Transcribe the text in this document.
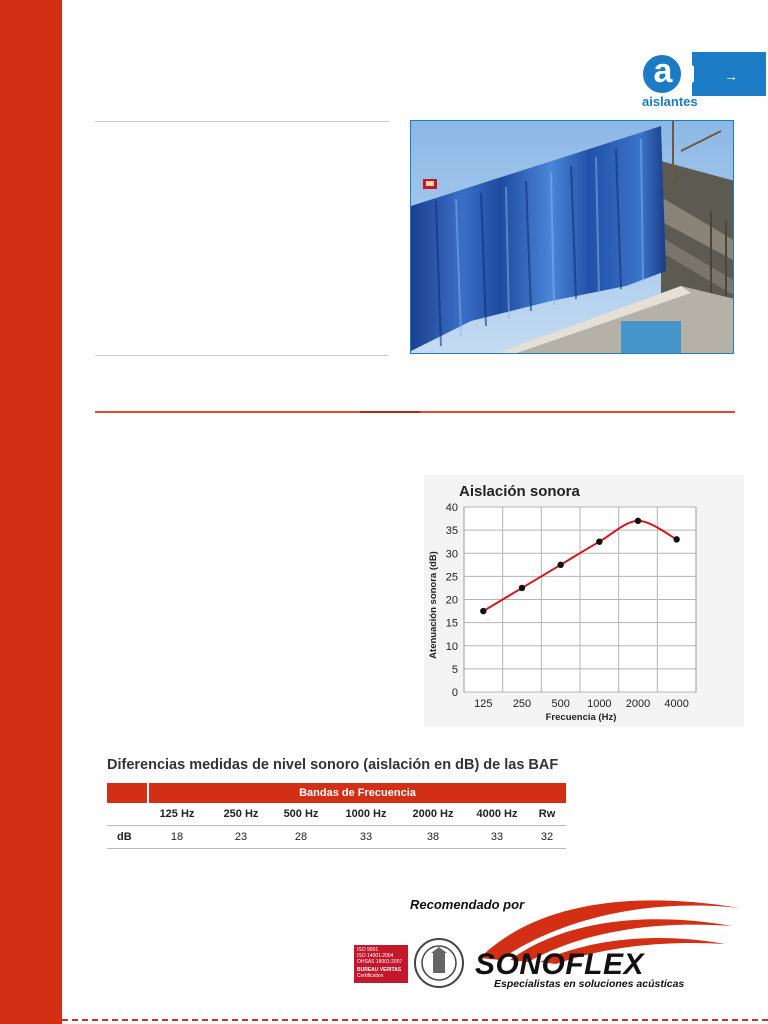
→
a
aislantes
Aislación sonora
0
5
10
15
20
25
30
35
40
125 250 500 1000 2000 4000
Atenuación sonora (dB)
Frecuencia (Hz)
Diferencias medidas de nivel sonoro (aislación en dB) de las BAF
Bandas de Frecuencia
125 Hz	250 Hz	500 Hz	1000 Hz	2000 Hz	4000 Hz	Rw
dB	18	23	28	33	38	33	32
Recomendado por
SONOFLEX
Especialistas en soluciones acústicas
ISO 9001
ISO 14001:2004
OHSAS 18001:2007
BUREAU VERITAS
Certification
